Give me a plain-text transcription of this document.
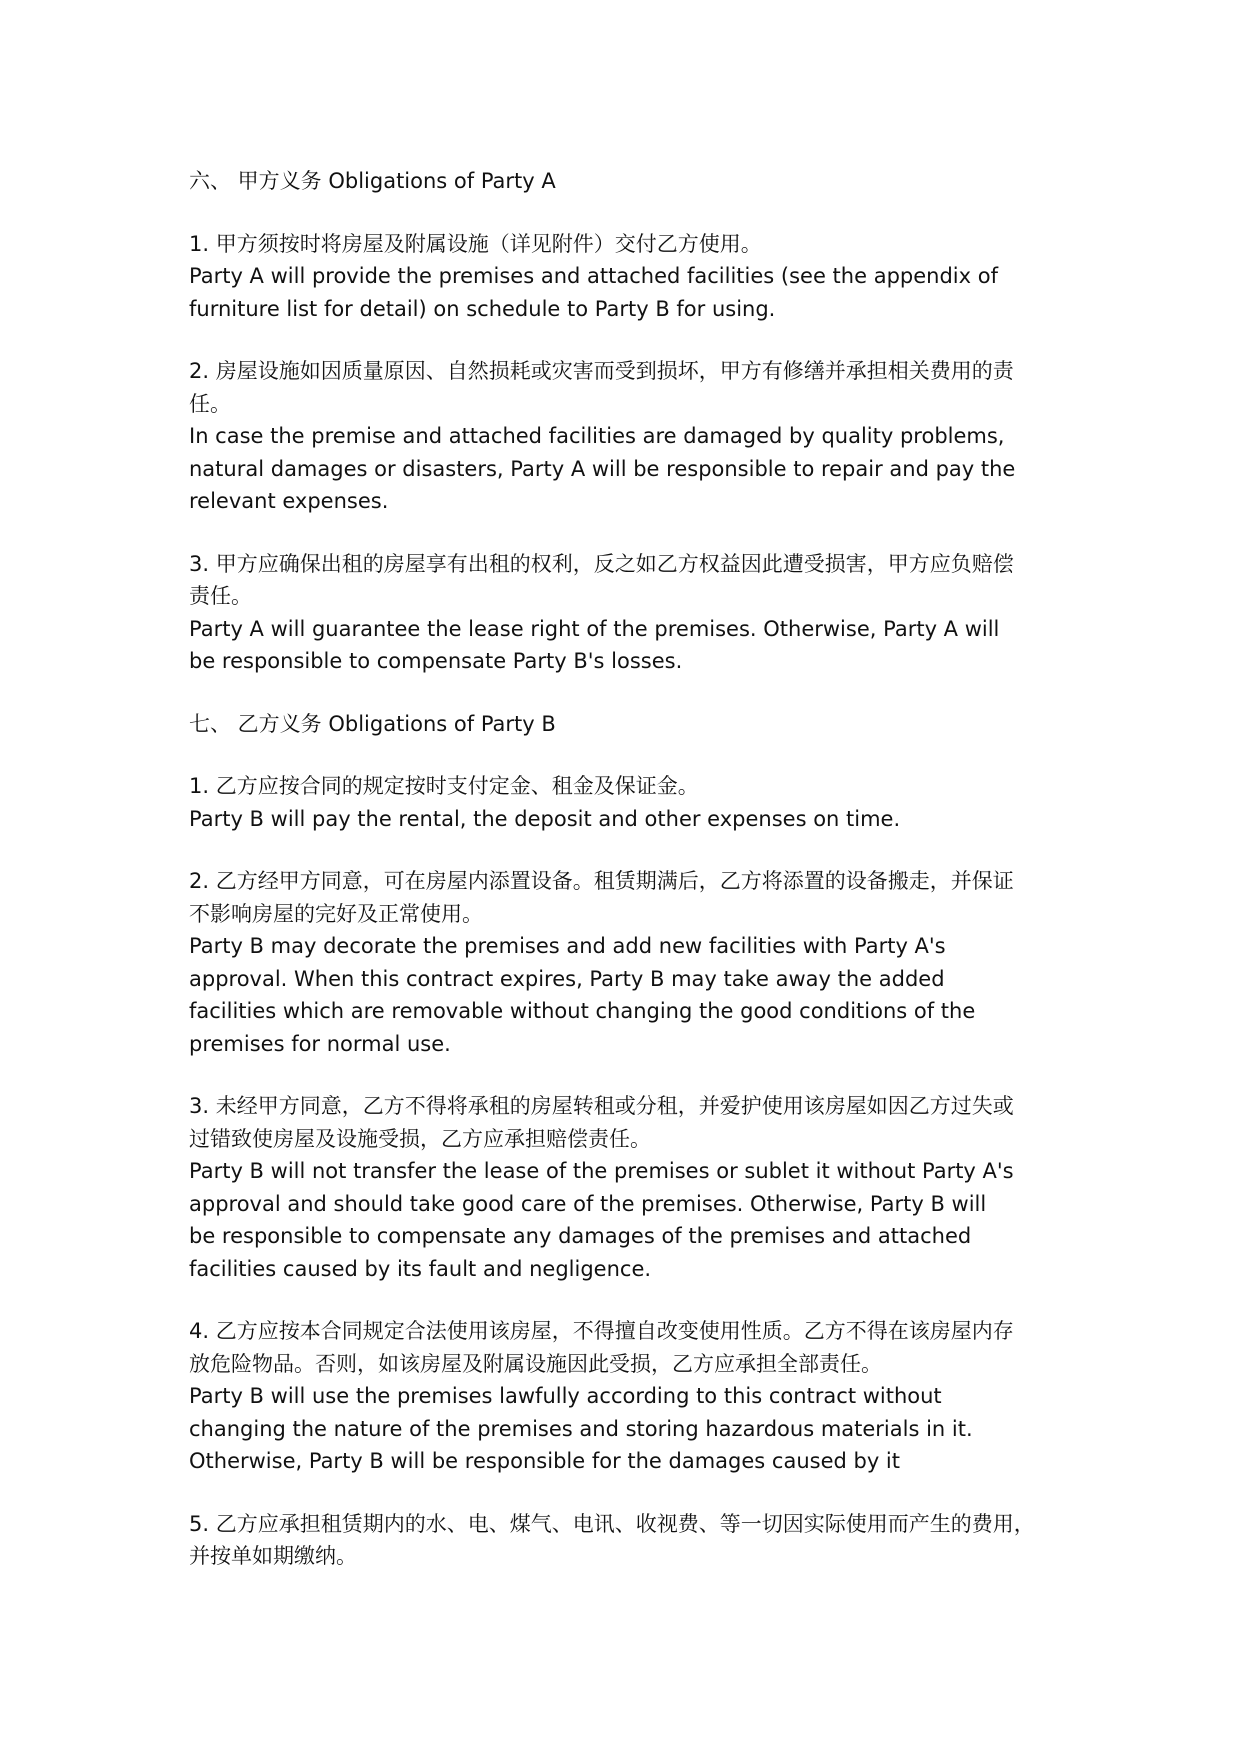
六、 甲方义务 Obligations of Party A
1. 甲方须按时将房屋及附属设施（详见附件）交付乙方使用。
Party A will provide the premises and attached facilities (see the appendix of
furniture list for detail) on schedule to Party B for using.
2. 房屋设施如因质量原因、自然损耗或灾害而受到损坏，甲方有修缮并承担相关费用的责
任。
In case the premise and attached facilities are damaged by quality problems,
natural damages or disasters, Party A will be responsible to repair and pay the
relevant expenses.
3. 甲方应确保出租的房屋享有出租的权利，反之如乙方权益因此遭受损害，甲方应负赔偿
责任。
Party A will guarantee the lease right of the premises. Otherwise, Party A will
be responsible to compensate Party B's losses.
七、 乙方义务 Obligations of Party B
1. 乙方应按合同的规定按时支付定金、租金及保证金。
Party B will pay the rental, the deposit and other expenses on time.
2. 乙方经甲方同意，可在房屋内添置设备。租赁期满后，乙方将添置的设备搬走，并保证
不影响房屋的完好及正常使用。
Party B may decorate the premises and add new facilities with Party A's
approval. When this contract expires, Party B may take away the added
facilities which are removable without changing the good conditions of the
premises for normal use.
3. 未经甲方同意，乙方不得将承租的房屋转租或分租，并爱护使用该房屋如因乙方过失或
过错致使房屋及设施受损，乙方应承担赔偿责任。
Party B will not transfer the lease of the premises or sublet it without Party A's
approval and should take good care of the premises. Otherwise, Party B will
be responsible to compensate any damages of the premises and attached
facilities caused by its fault and negligence.
4. 乙方应按本合同规定合法使用该房屋，不得擅自改变使用性质。乙方不得在该房屋内存
放危险物品。否则，如该房屋及附属设施因此受损，乙方应承担全部责任。
Party B will use the premises lawfully according to this contract without
changing the nature of the premises and storing hazardous materials in it.
Otherwise, Party B will be responsible for the damages caused by it
5. 乙方应承担租赁期内的水、电、煤气、电讯、收视费、等一切因实际使用而产生的费用，
并按单如期缴纳。
